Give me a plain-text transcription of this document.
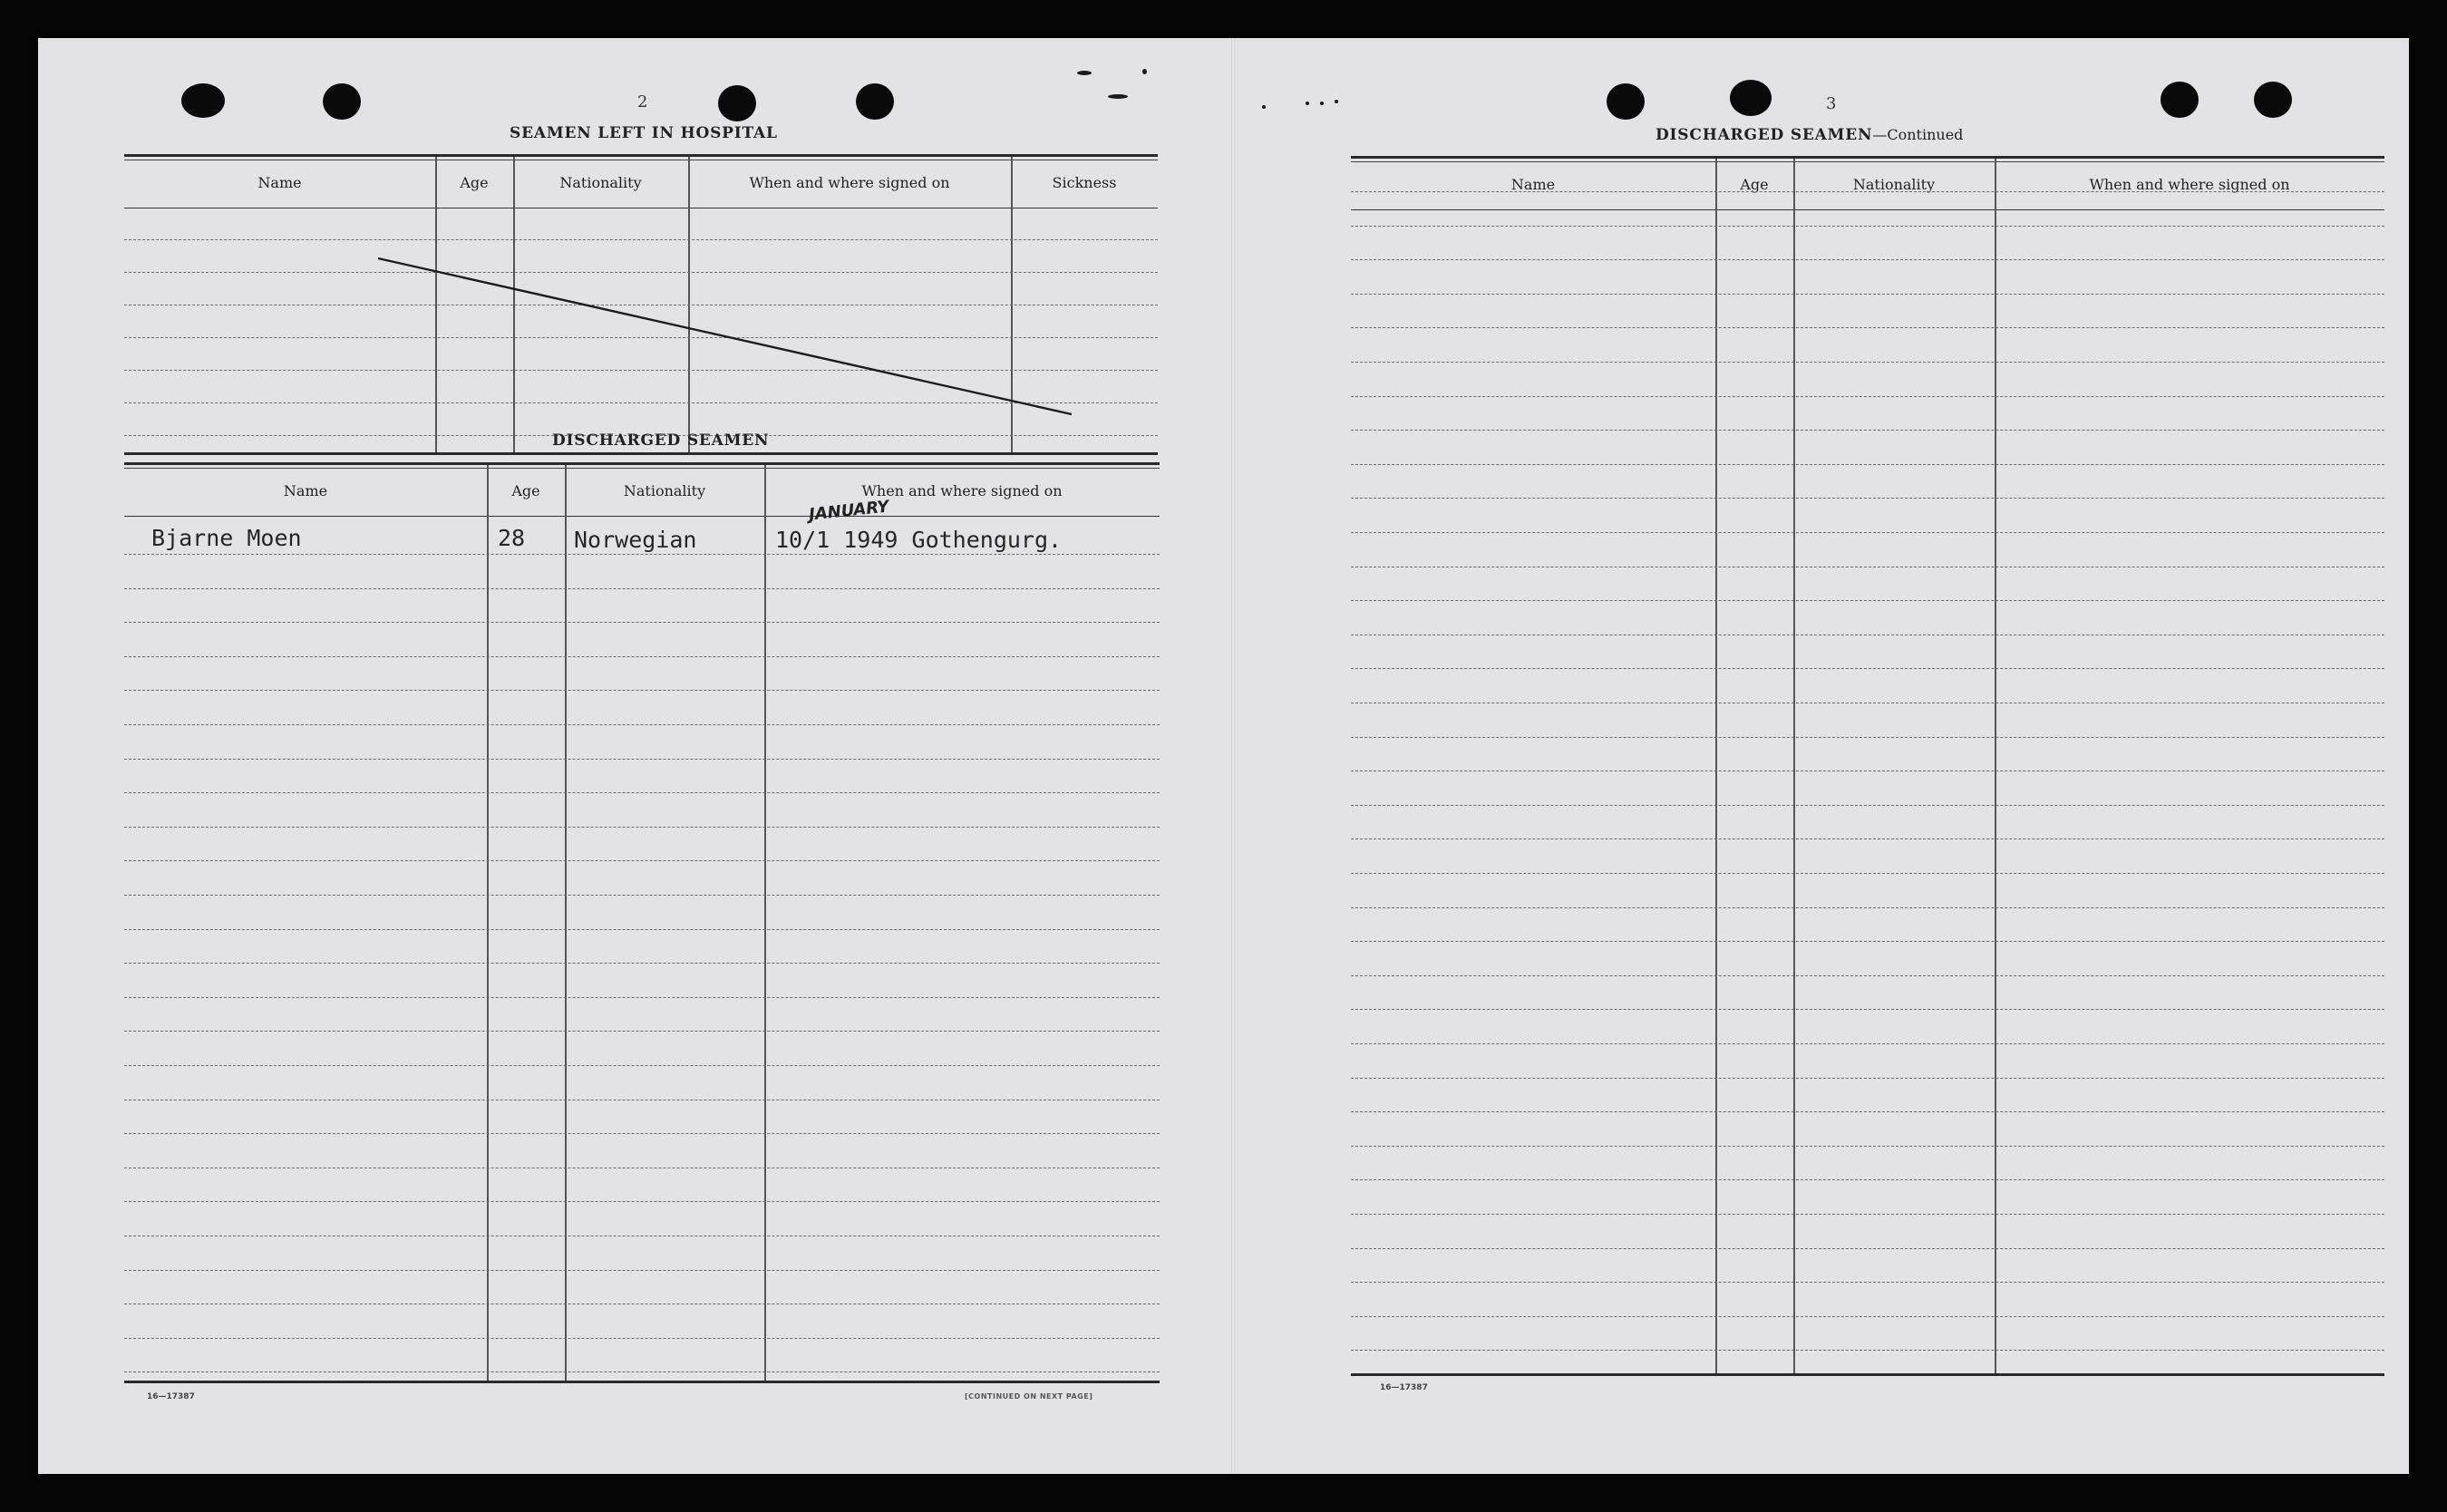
2
SEAMEN LEFT IN HOSPITAL
Name	Age	Nationality	When and where signed on	Sickness
DISCHARGED SEAMEN
Name	Age	Nationality	When and where signed on
Bjarne Moen	28 Norwegian	10/1 1949 Gothengurg.
JANUARY
16—17387	[CONTINUED ON NEXT PAGE]
3
DISCHARGED SEAMEN—Continued
Name	Age	Nationality	When and where signed on
16—17387
